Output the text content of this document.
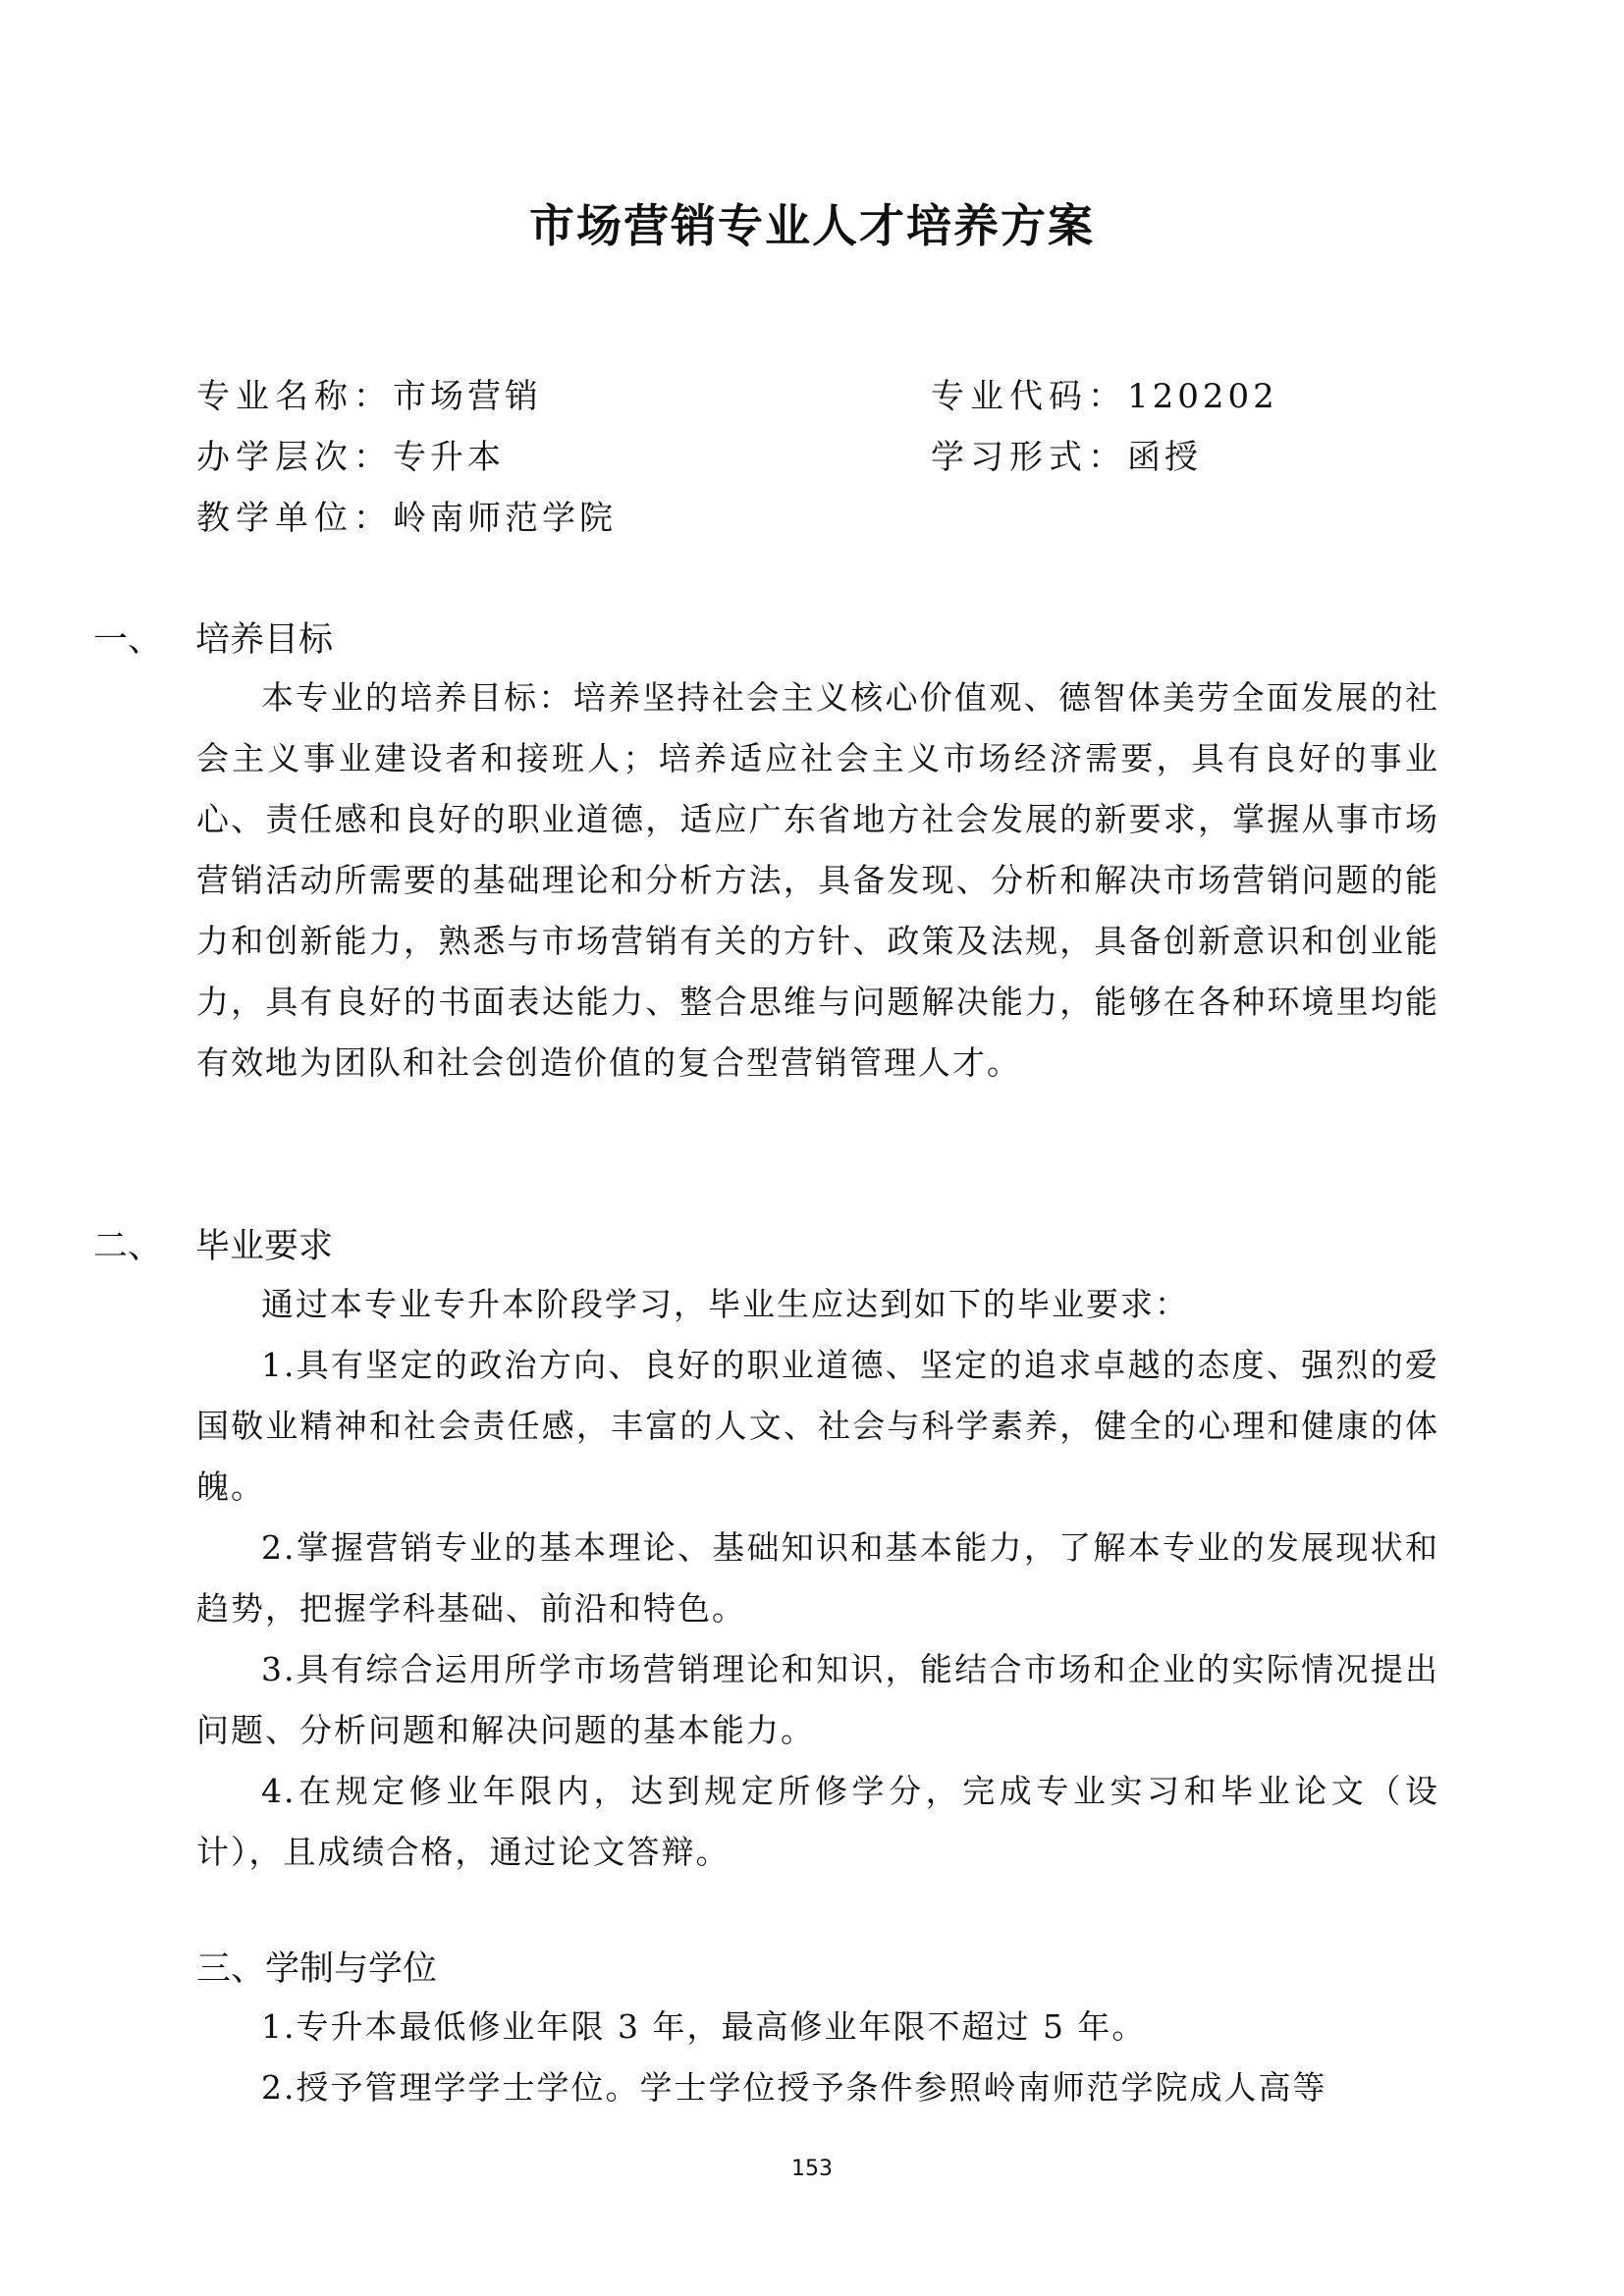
市场营销专业人才培养方案
专业名称：市场营销	专业代码：120202
办学层次：专升本	学习形式：函授
教学单位：岭南师范学院
一、 培养目标

本专业的培养目标：培养坚持社会主义核心价值观、德智体美劳全面发展的社会主义事业建设者和接班人；培养适应社会主义市场经济需要，具有良好的事业心、责任感和良好的职业道德，适应广东省地方社会发展的新要求，掌握从事市场营销活动所需要的基础理论和分析方法，具备发现、分析和解决市场营销问题的能力和创新能力，熟悉与市场营销有关的方针、政策及法规，具备创新意识和创业能力，具有良好的书面表达能力、整合思维与问题解决能力，能够在各种环境里均能有效地为团队和社会创造价值的复合型营销管理人才。

二、 毕业要求

通过本专业专升本阶段学习，毕业生应达到如下的毕业要求：

1.具有坚定的政治方向、良好的职业道德、坚定的追求卓越的态度、强烈的爱国敬业精神和社会责任感，丰富的人文、社会与科学素养，健全的心理和健康的体魄。

2.掌握营销专业的基本理论、基础知识和基本能力，了解本专业的发展现状和趋势，把握学科基础、前沿和特色。

3.具有综合运用所学市场营销理论和知识，能结合市场和企业的实际情况提出问题、分析问题和解决问题的基本能力。

4.在规定修业年限内，达到规定所修学分，完成专业实习和毕业论文（设计），且成绩合格，通过论文答辩。

三、学制与学位

1.专升本最低修业年限 3 年，最高修业年限不超过 5 年。

2.授予管理学学士学位。学士学位授予条件参照岭南师范学院成人高等

153
